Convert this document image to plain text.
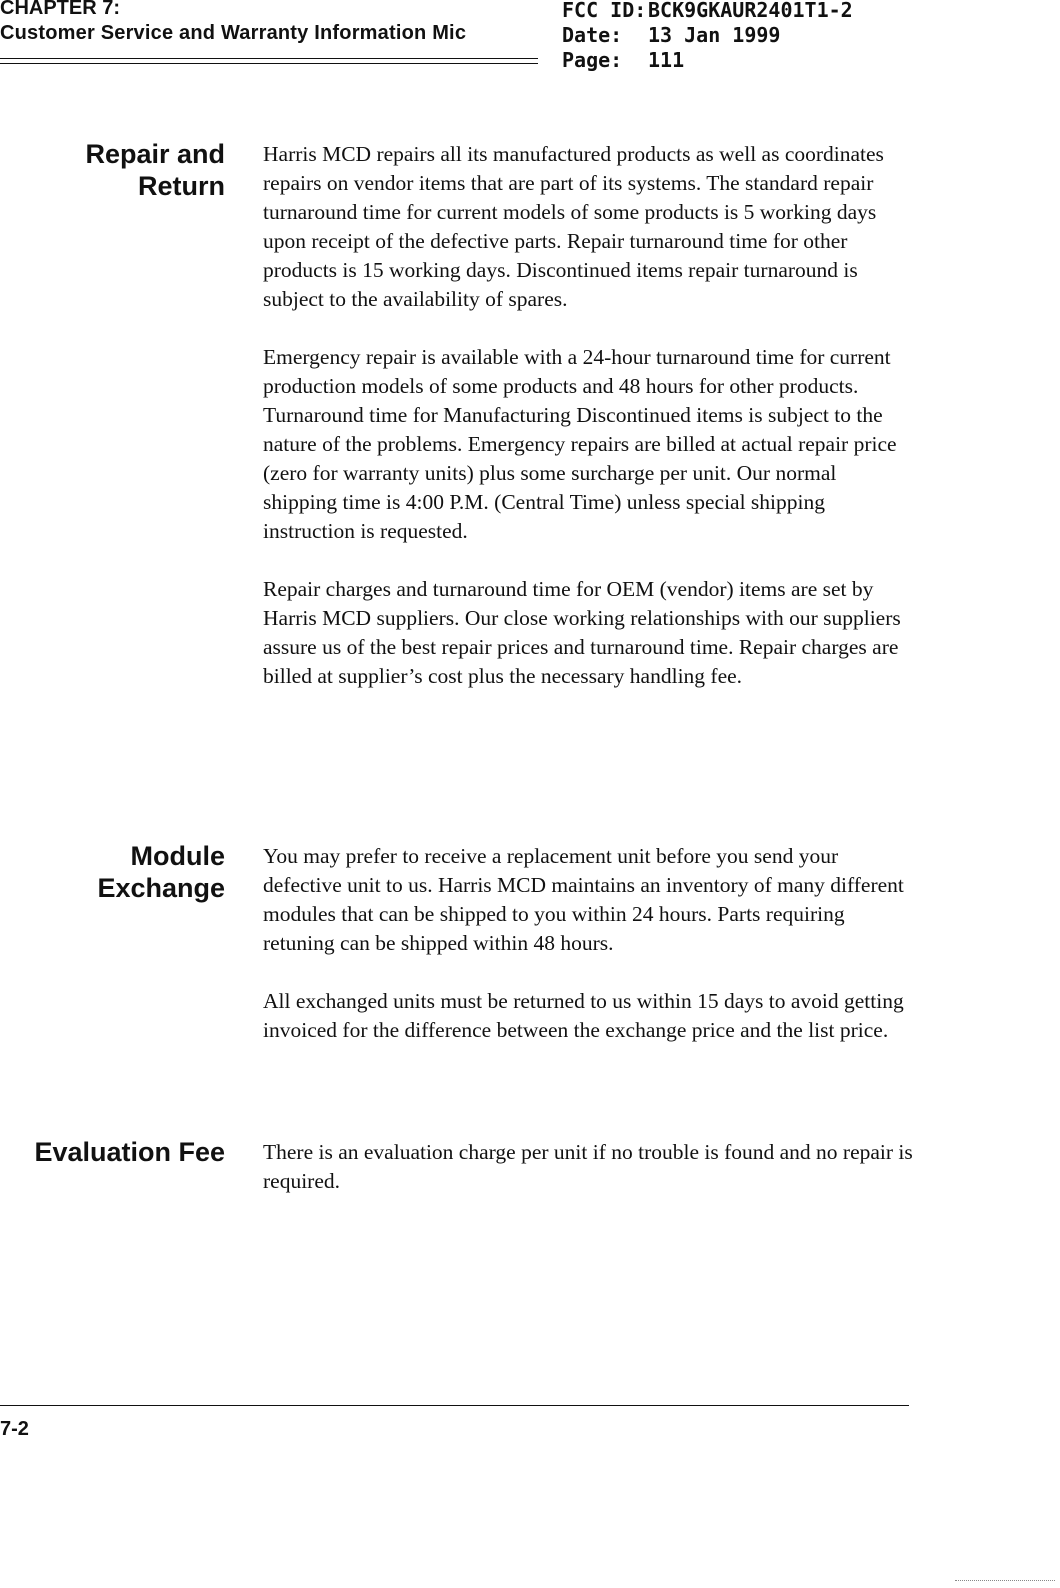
CHAPTER 7:
Customer Service and Warranty Information Mic
FCC ID: BCK9GKAUR2401T1-2
Date:	13 Jan 1999
Page:	111
Repair and
Return

Harris MCD repairs all its manufactured products as well as coordinates repairs on vendor items that are part of its systems. The standard repair turnaround time for current models of some products is 5 working days upon receipt of the defective parts. Repair turnaround time for other products is 15 working days. Discontinued items repair turnaround is subject to the availability of spares.

Emergency repair is available with a 24-hour turnaround time for current production models of some products and 48 hours for other products. Turnaround time for Manufacturing Discontinued items is subject to the nature of the problems. Emergency repairs are billed at actual repair price (zero for warranty units) plus some surcharge per unit. Our normal shipping time is 4:00 P.M. (Central Time) unless special shipping instruction is requested.

Repair charges and turnaround time for OEM (vendor) items are set by Harris MCD suppliers. Our close working relationships with our suppliers assure us of the best repair prices and turnaround time. Repair charges are billed at supplier’s cost plus the necessary handling fee.

Module
Exchange

You may prefer to receive a replacement unit before you send your defective unit to us. Harris MCD maintains an inventory of many different modules that can be shipped to you within 24 hours. Parts requiring retuning can be shipped within 48 hours.

All exchanged units must be returned to us within 15 days to avoid getting invoiced for the difference between the exchange price and the list price.

Evaluation Fee There is an evaluation charge per unit if no trouble is found and no repair is required.

7-2
